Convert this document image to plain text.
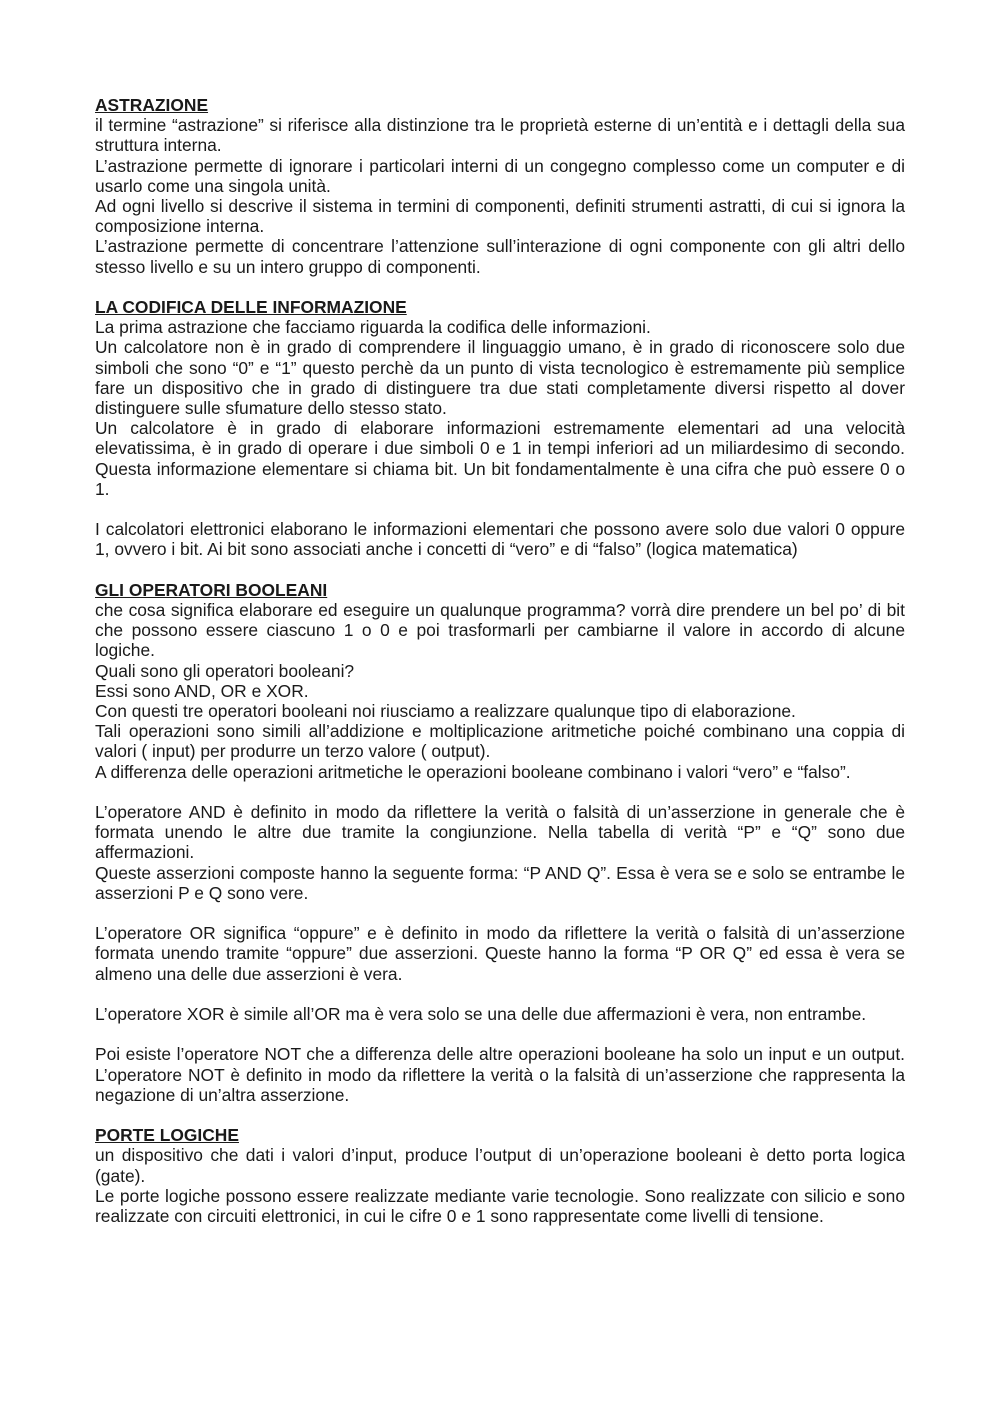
ASTRAZIONE

il termine “astrazione” si riferisce alla distinzione tra le proprietà esterne di un’entità e i dettagli della sua struttura interna.

L’astrazione permette di ignorare i particolari interni di un congegno complesso come un computer e di usarlo come una singola unità.

Ad ogni livello si descrive il sistema in termini di componenti, definiti strumenti astratti, di cui si ignora la composizione interna.

L’astrazione permette di concentrare l’attenzione sull’interazione di ogni componente con gli altri dello stesso livello e su un intero gruppo di componenti.

LA CODIFICA DELLE INFORMAZIONE

La prima astrazione che facciamo riguarda la codifica delle informazioni.

Un calcolatore non è in grado di comprendere il linguaggio umano, è in grado di riconoscere solo due simboli che sono “0” e “1” questo perchè da un punto di vista tecnologico è estremamente più semplice fare un dispositivo che in grado di distinguere tra due stati completamente diversi rispetto al dover distinguere sulle sfumature dello stesso stato.

Un calcolatore è in grado di elaborare informazioni estremamente elementari ad una velocità elevatissima, è in grado di operare i due simboli 0 e 1 in tempi inferiori ad un miliardesimo di secondo. Questa informazione elementare si chiama bit. Un bit fondamentalmente è una cifra che può essere 0 o 1.

I calcolatori elettronici elaborano le informazioni elementari che possono avere solo due valori 0 oppure 1, ovvero i bit. Ai bit sono associati anche i concetti di “vero” e di “falso” (logica matematica)

GLI OPERATORI BOOLEANI

che cosa significa elaborare ed eseguire un qualunque programma? vorrà dire prendere un bel po’ di bit che possono essere ciascuno 1 o 0 e poi trasformarli per cambiarne il valore in accordo di alcune logiche.

Quali sono gli operatori booleani?

Essi sono AND, OR e XOR.

Con questi tre operatori booleani noi riusciamo a realizzare qualunque tipo di elaborazione.

Tali operazioni sono simili all’addizione e moltiplicazione aritmetiche poiché combinano una coppia di valori ( input) per produrre un terzo valore ( output).

A differenza delle operazioni aritmetiche le operazioni booleane combinano i valori “vero” e “falso”.

L’operatore AND è definito in modo da riflettere la verità o falsità di un’asserzione in generale che è formata unendo le altre due tramite la congiunzione. Nella tabella di verità “P” e “Q” sono due affermazioni.

Queste asserzioni composte hanno la seguente forma: “P AND Q”. Essa è vera se e solo se entrambe le asserzioni P e Q sono vere.

L’operatore OR significa “oppure” e è definito in modo da riflettere la verità o falsità di un’asserzione formata unendo tramite “oppure” due asserzioni. Queste hanno la forma “P OR Q” ed essa è vera se almeno una delle due asserzioni è vera.

L’operatore XOR è simile all’OR ma è vera solo se una delle due affermazioni è vera, non entrambe.

Poi esiste l’operatore NOT che a differenza delle altre operazioni booleane ha solo un input e un output. L’operatore NOT è definito in modo da riflettere la verità o la falsità di un’asserzione che rappresenta la negazione di un’altra asserzione.

PORTE LOGICHE

un dispositivo che dati i valori d’input, produce l’output di un’operazione booleani è detto porta logica (gate).

Le porte logiche possono essere realizzate mediante varie tecnologie. Sono realizzate con silicio e sono realizzate con circuiti elettronici, in cui le cifre 0 e 1 sono rappresentate come livelli di tensione.
